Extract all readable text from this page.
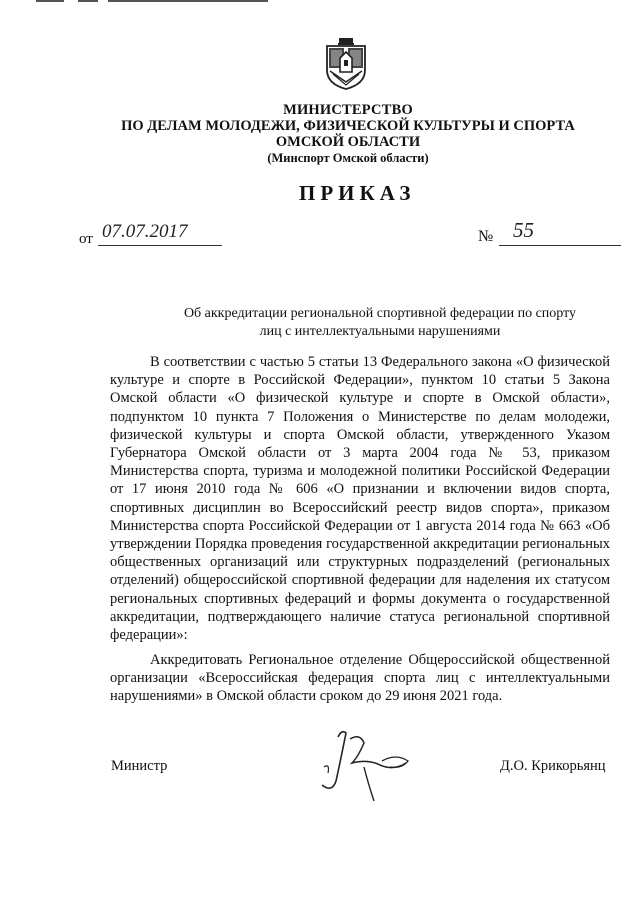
МИНИСТЕРСТВО
ПО ДЕЛАМ МОЛОДЕЖИ, ФИЗИЧЕСКОЙ КУЛЬТУРЫ И СПОРТА
ОМСКОЙ ОБЛАСТИ
(Минспорт Омской области)
ПРИКАЗ
от 07.07.2017	№ 55
Об аккредитации региональной спортивной федерации по спорту лиц с интеллектуальными нарушениями
В соответствии с частью 5 статьи 13 Федерального закона «О физической культуре и спорте в Российской Федерации», пунктом 10 статьи 5 Закона Омской области «О физической культуре и спорте в Омской области», подпунктом 10 пункта 7 Положения о Министерстве по делам молодежи, физической культуры и спорта Омской области, утвержденного Указом Губернатора Омской области от 3 марта 2004 года № 53, приказом Министерства спорта, туризма и молодежной политики Российской Федерации от 17 июня 2010 года № 606 «О признании и включении видов спорта, спортивных дисциплин во Всероссийский реестр видов спорта», приказом Министерства спорта Российской Федерации от 1 августа 2014 года № 663 «Об утверждении Порядка проведения государственной аккредитации региональных общественных организаций или структурных подразделений (региональных отделений) общероссийской спортивной федерации для наделения их статусом региональных спортивных федераций и формы документа о государственной аккредитации, подтверждающего наличие статуса региональной спортивной федерации»:
Аккредитовать Региональное отделение Общероссийской общественной организации «Всероссийская федерация спорта лиц с интеллектуальными нарушениями» в Омской области сроком до 29 июня 2021 года.
Министр	Д.О. Крикорьянц
